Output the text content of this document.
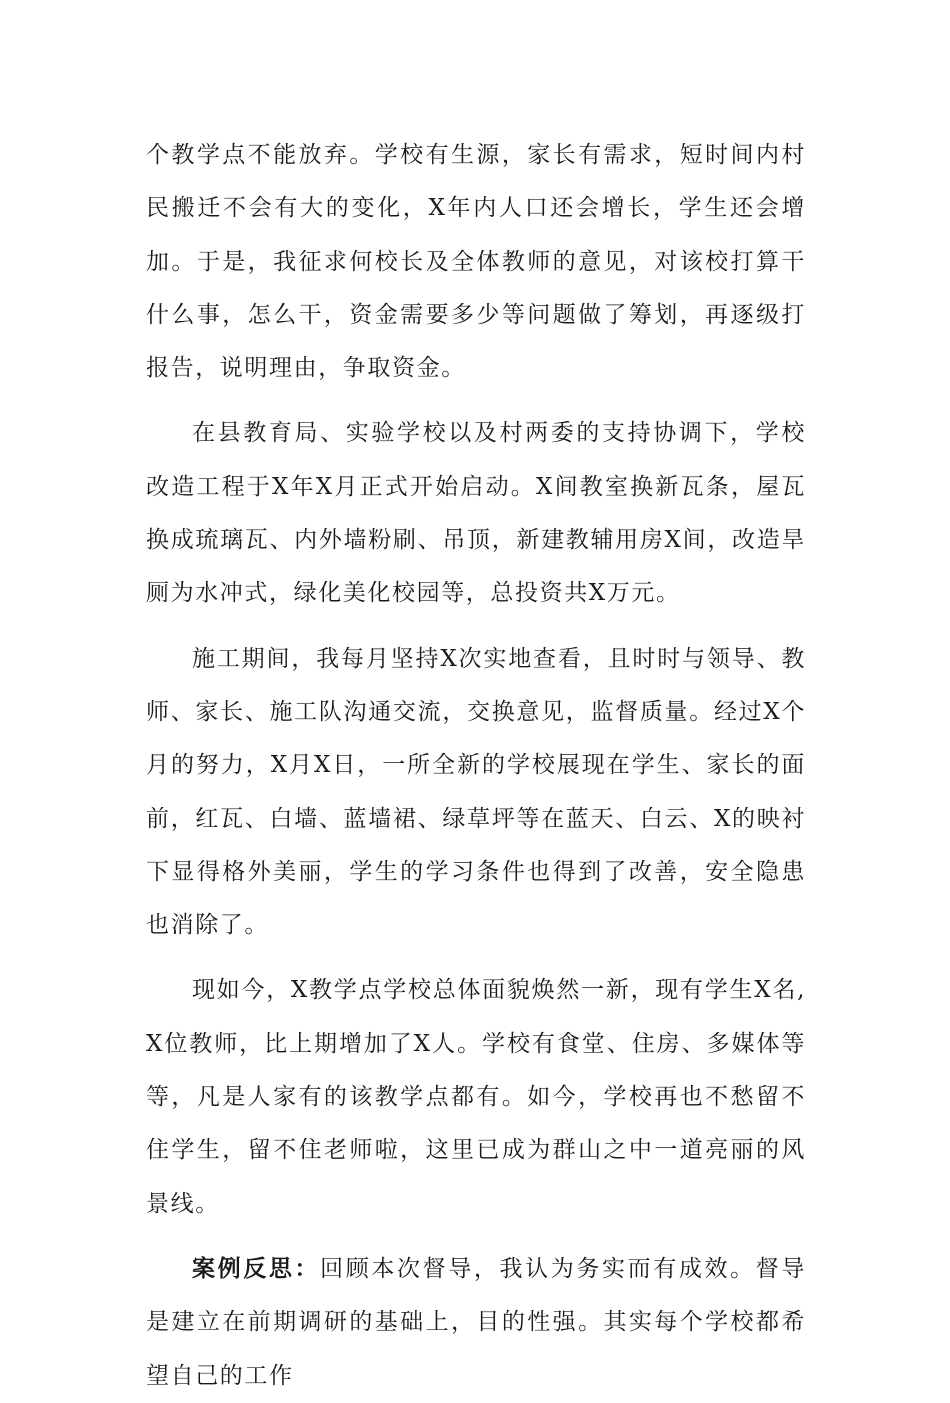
个教学点不能放弃。学校有生源，家长有需求，短时间内村民搬迁不会有大的变化，X年内人口还会增长，学生还会增加。于是，我征求何校长及全体教师的意见，对该校打算干什么事，怎么干，资金需要多少等问题做了筹划，再逐级打报告，说明理由，争取资金。

在县教育局、实验学校以及村两委的支持协调下，学校改造工程于X年X月正式开始启动。X间教室换新瓦条，屋瓦换成琉璃瓦、内外墙粉刷、吊顶，新建教辅用房X间，改造旱厕为水冲式，绿化美化校园等，总投资共X万元。

施工期间，我每月坚持X次实地查看，且时时与领导、教师、家长、施工队沟通交流，交换意见，监督质量。经过X个月的努力，X月X日，一所全新的学校展现在学生、家长的面前，红瓦、白墙、蓝墙裙、绿草坪等在蓝天、白云、X的映衬下显得格外美丽，学生的学习条件也得到了改善，安全隐患也消除了。

现如今，X教学点学校总体面貌焕然一新，现有学生X名,X位教师，比上期增加了X人。学校有食堂、住房、多媒体等等，凡是人家有的该教学点都有。如今，学校再也不愁留不住学生，留不住老师啦，这里已成为群山之中一道亮丽的风景线。

案例反思：回顾本次督导，我认为务实而有成效。督导是建立在前期调研的基础上，目的性强。其实每个学校都希望自己的工作
